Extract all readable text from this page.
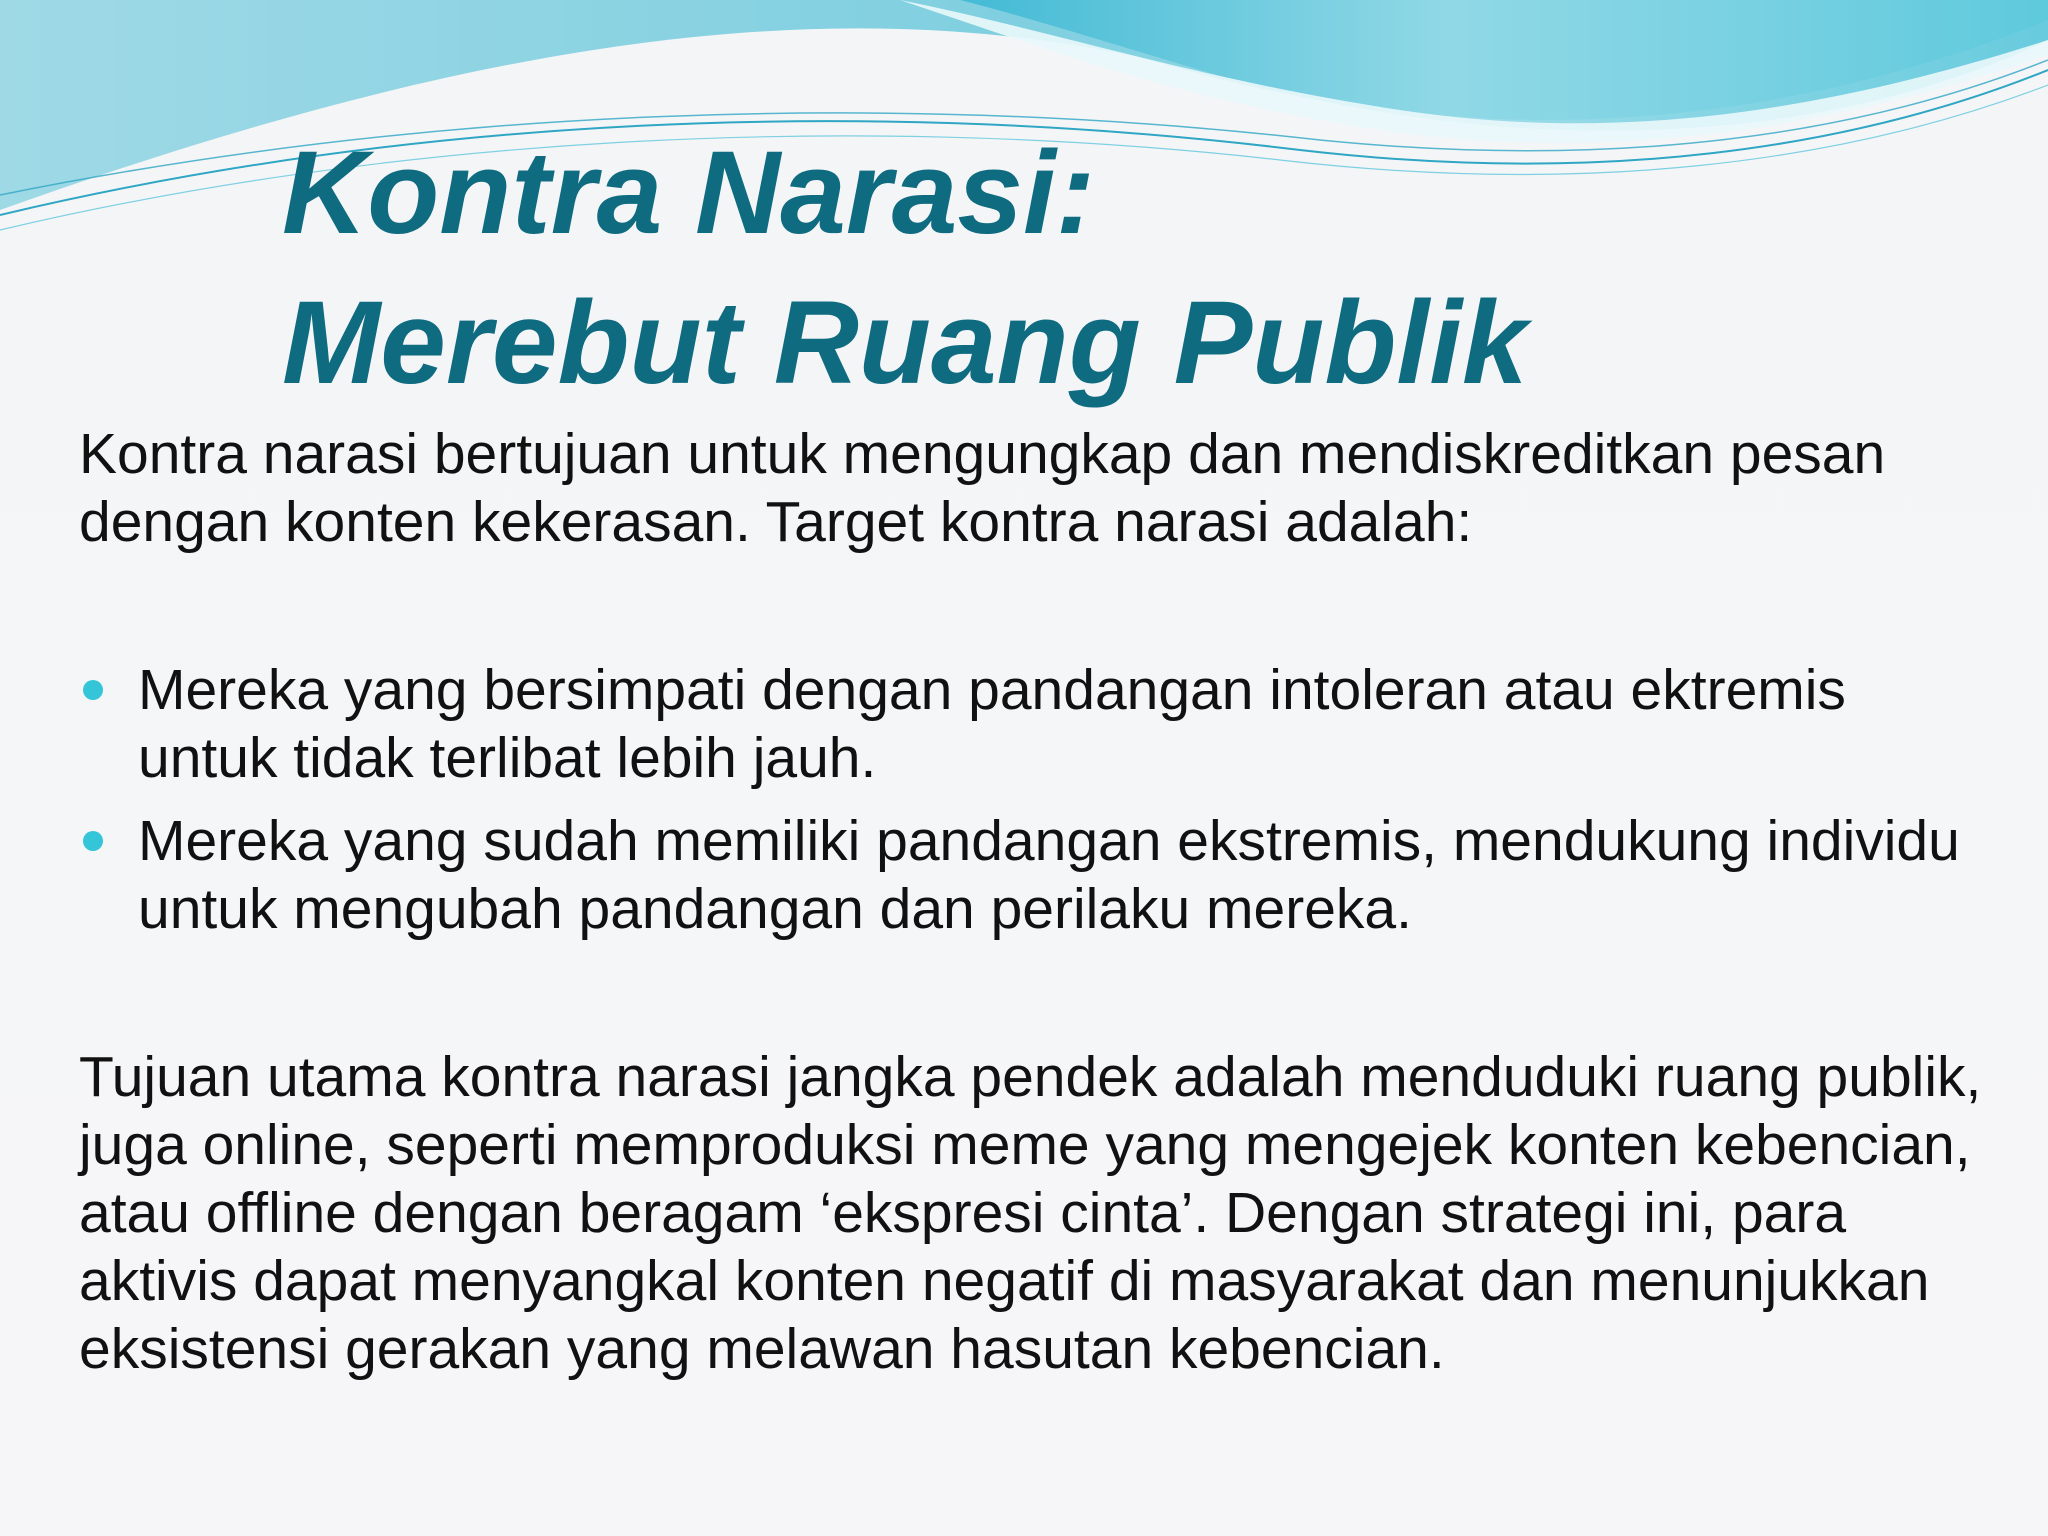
Kontra Narasi:
Merebut Ruang Publik

Kontra narasi bertujuan untuk mengungkap dan mendiskreditkan pesan dengan konten kekerasan. Target kontra narasi adalah:

Mereka yang bersimpati dengan pandangan intoleran atau ektremis untuk tidak terlibat lebih jauh.
Mereka yang sudah memiliki pandangan ekstremis, mendukung individu untuk mengubah pandangan dan perilaku mereka.

Tujuan utama kontra narasi jangka pendek adalah menduduki ruang publik, juga online, seperti memproduksi meme yang mengejek konten kebencian, atau offline dengan beragam ‘ekspresi cinta’. Dengan strategi ini, para aktivis dapat menyangkal konten negatif di masyarakat dan menunjukkan eksistensi gerakan yang melawan hasutan kebencian.
